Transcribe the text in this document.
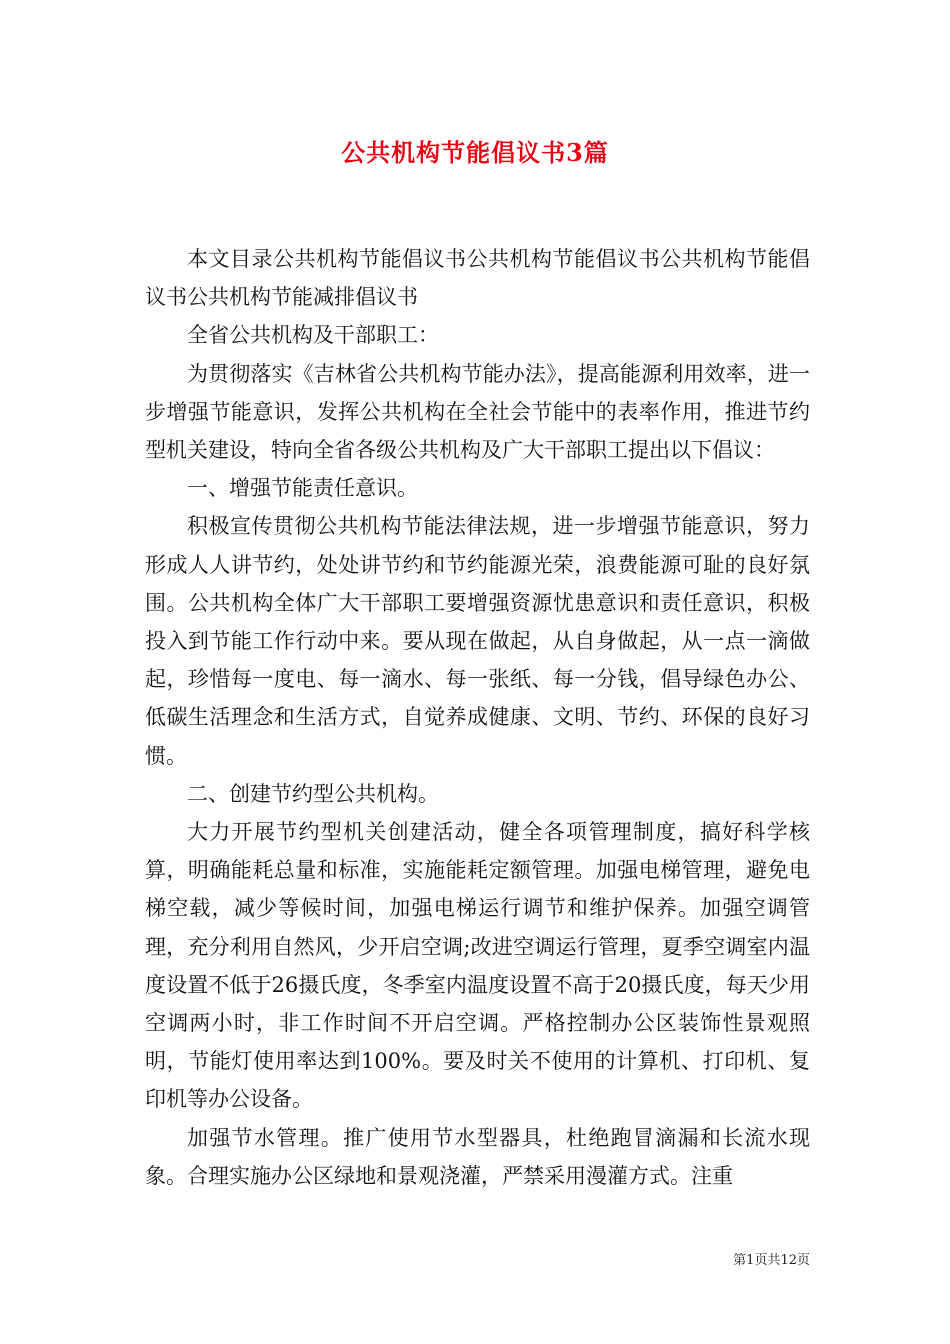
公共机构节能倡议书3篇

本文目录公共机构节能倡议书公共机构节能倡议书公共机构节能倡议书公共机构节能减排倡议书

全省公共机构及干部职工：

为贯彻落实《吉林省公共机构节能办法》，提高能源利用效率，进一步增强节能意识，发挥公共机构在全社会节能中的表率作用，推进节约型机关建设，特向全省各级公共机构及广大干部职工提出以下倡议：

一、增强节能责任意识。

积极宣传贯彻公共机构节能法律法规，进一步增强节能意识，努力形成人人讲节约，处处讲节约和节约能源光荣，浪费能源可耻的良好氛围。公共机构全体广大干部职工要增强资源忧患意识和责任意识，积极投入到节能工作行动中来。要从现在做起，从自身做起，从一点一滴做起，珍惜每一度电、每一滴水、每一张纸、每一分钱，倡导绿色办公、低碳生活理念和生活方式，自觉养成健康、文明、节约、环保的良好习惯。

二、创建节约型公共机构。

大力开展节约型机关创建活动，健全各项管理制度，搞好科学核算，明确能耗总量和标准，实施能耗定额管理。加强电梯管理，避免电梯空载，减少等候时间，加强电梯运行调节和维护保养。加强空调管理，充分利用自然风，少开启空调;改进空调运行管理，夏季空调室内温度设置不低于26摄氏度，冬季室内温度设置不高于20摄氏度，每天少用空调两小时，非工作时间不开启空调。严格控制办公区装饰性景观照明，节能灯使用率达到100%。要及时关不使用的计算机、打印机、复印机等办公设备。

加强节水管理。推广使用节水型器具，杜绝跑冒滴漏和长流水现象。合理实施办公区绿地和景观浇灌，严禁采用漫灌方式。注重

第1页共12页
